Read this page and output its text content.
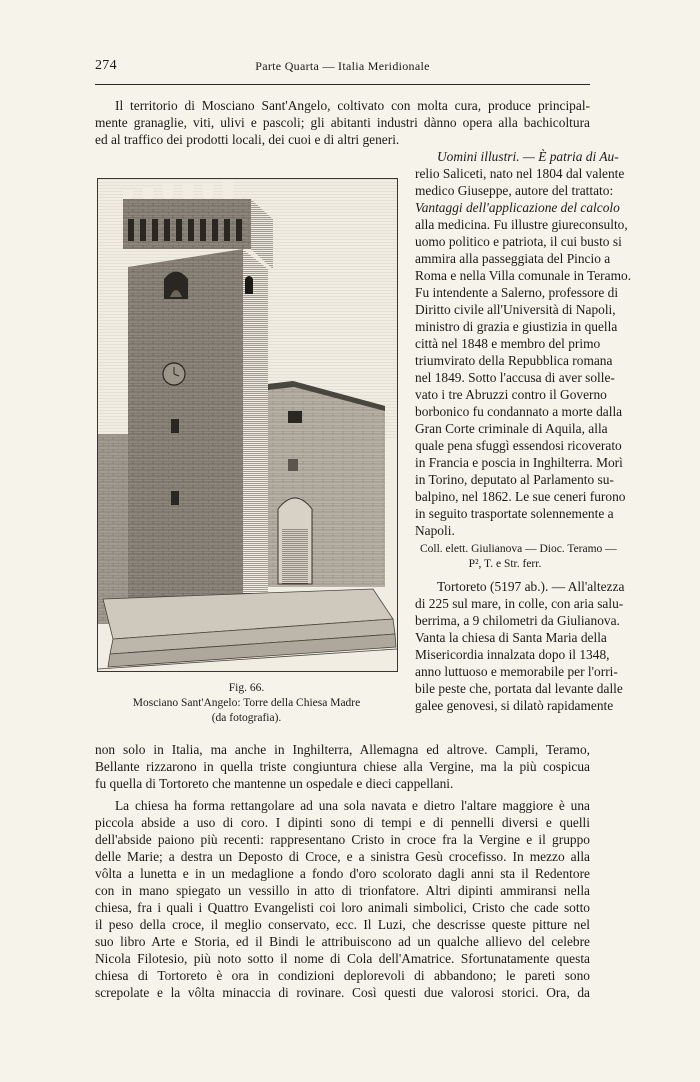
274	Parte Quarta — Italia Meridionale
Il territorio di Mosciano Sant'Angelo, coltivato con molta cura, produce principal-
mente granaglie, viti, ulivi e pascoli; gli abitanti industri dànno opera alla bachicoltura
ed al traffico dei prodotti locali, dei cuoi e di altri generi.
Uomini illustri. — È patria di Au-
relio Saliceti, nato nel 1804 dal valente
medico Giuseppe, autore del trattato:
Vantaggi dell'applicazione del calcolo
alla medicina. Fu illustre giureconsulto,
uomo politico e patriota, il cui busto si
ammira alla passeggiata del Pincio a
Roma e nella Villa comunale in Teramo.
Fu intendente a Salerno, professore di
Diritto civile all'Università di Napoli,
ministro di grazia e giustizia in quella
città nel 1848 e membro del primo
triumvirato della Repubblica romana
nel 1849. Sotto l'accusa di aver solle-
vato i tre Abruzzi contro il Governo
borbonico fu condannato a morte dalla
Gran Corte criminale di Aquila, alla
quale pena sfuggì essendosi ricoverato
in Francia e poscia in Inghilterra. Morì
in Torino, deputato al Parlamento su-
balpino, nel 1862. Le sue ceneri furono
in seguito trasportate solennemente a
Napoli.
Coll. elett. Giulianova — Dioc. Teramo —
P², T. e Str. ferr.
Tortoreto (5197 ab.). — All'altezza
di 225 sul mare, in colle, con aria salu-
berrima, a 9 chilometri da Giulianova.
Vanta la chiesa di Santa Maria della
Misericordia innalzata dopo il 1348,
anno luttuoso e memorabile per l'orri-
bile peste che, portata dal levante dalle
galee genovesi, si dilatò rapidamente
Fig. 66.
Mosciano Sant'Angelo: Torre della Chiesa Madre
(da fotografia).
non solo in Italia, ma anche in Inghilterra, Allemagna ed altrove. Campli, Teramo,
Bellante rizzarono in quella triste congiuntura chiese alla Vergine, ma la più cospicua
fu quella di Tortoreto che mantenne un ospedale e dieci cappellani.
La chiesa ha forma rettangolare ad una sola navata e dietro l'altare maggiore è una
piccola abside a uso di coro. I dipinti sono di tempi e di pennelli diversi e quelli
dell'abside paiono più recenti: rappresentano Cristo in croce fra la Vergine e il gruppo
delle Marie; a destra un Deposto di Croce, e a sinistra Gesù crocefisso. In mezzo alla
vôlta a lunetta e in un medaglione a fondo d'oro scolorato dagli anni sta il Redentore
con in mano spiegato un vessillo in atto di trionfatore. Altri dipinti ammiransi nella
chiesa, fra i quali i Quattro Evangelisti coi loro animali simbolici, Cristo che cade sotto
il peso della croce, il meglio conservato, ecc. Il Luzi, che descrisse queste pitture nel
suo libro Arte e Storia, ed il Bindi le attribuiscono ad un qualche allievo del celebre
Nicola Filotesio, più noto sotto il nome di Cola dell'Amatrice. Sfortunatamente questa
chiesa di Tortoreto è ora in condizioni deplorevoli di abbandono; le pareti sono
screpolate e la vôlta minaccia di rovinare. Così questi due valorosi storici. Ora, da
